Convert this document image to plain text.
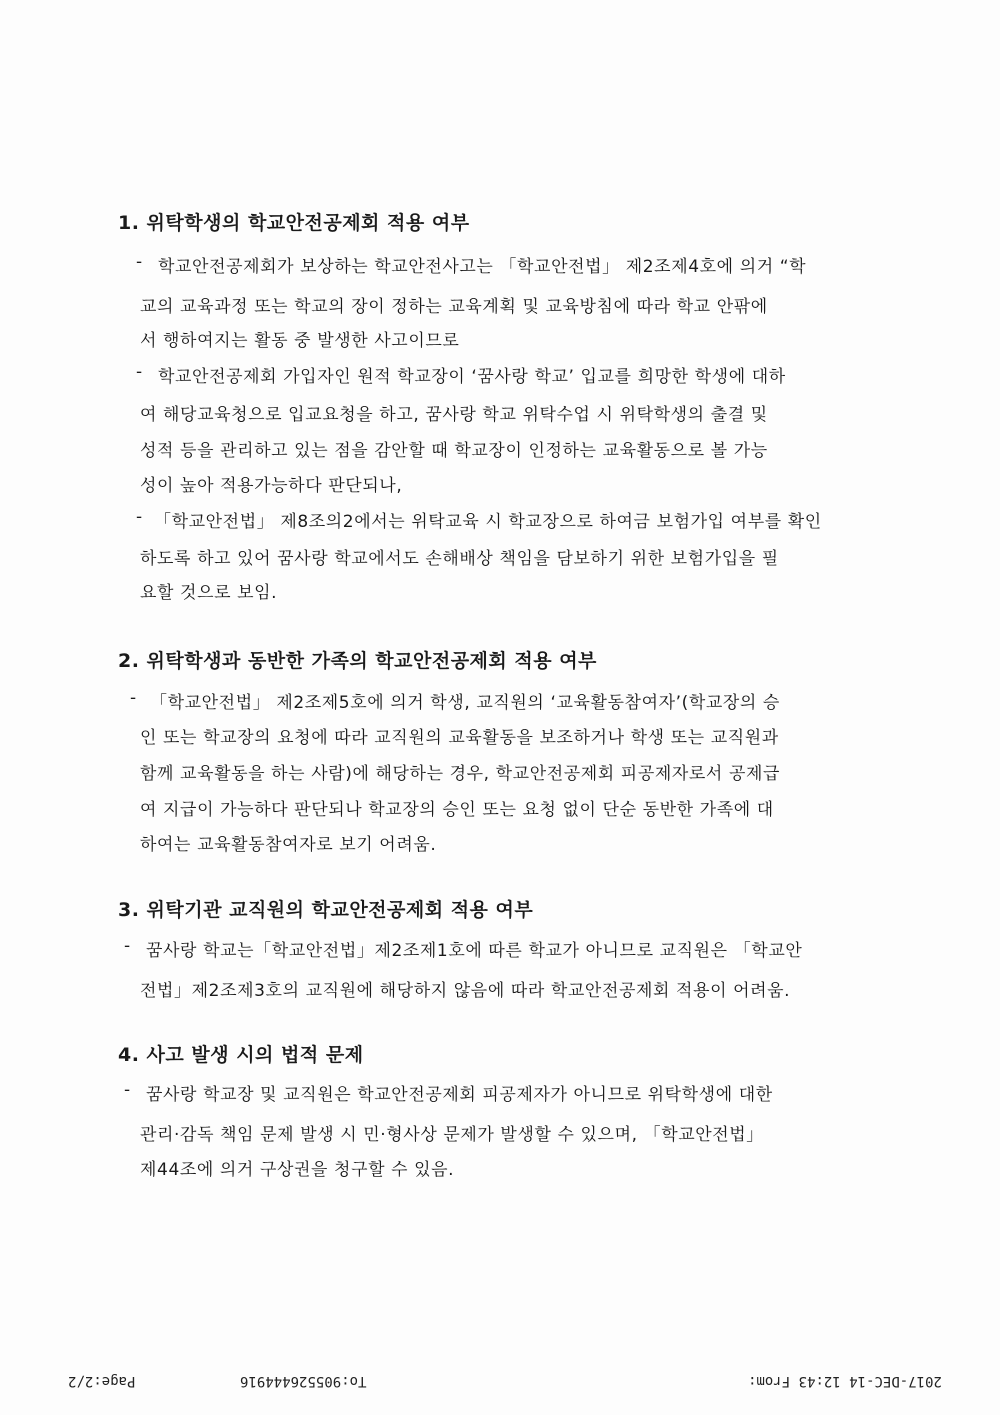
1. 위탁학생의 학교안전공제회 적용 여부
- 학교안전공제회가 보상하는 학교안전사고는 「학교안전법」 제2조제4호에 의거 “학
교의 교육과정 또는 학교의 장이 정하는 교육계획 및 교육방침에 따라 학교 안팎에
서 행하여지는 활동 중 발생한 사고이므로
- 학교안전공제회 가입자인 원적 학교장이 ‘꿈사랑 학교’ 입교를 희망한 학생에 대하
여 해당교육청으로 입교요청을 하고, 꿈사랑 학교 위탁수업 시 위탁학생의 출결 및
성적 등을 관리하고 있는 점을 감안할 때 학교장이 인정하는 교육활동으로 볼 가능
성이 높아 적용가능하다 판단되나,
- 「학교안전법」 제8조의2에서는 위탁교육 시 학교장으로 하여금 보험가입 여부를 확인
하도록 하고 있어 꿈사랑 학교에서도 손해배상 책임을 담보하기 위한 보험가입을 필
요할 것으로 보임.
2. 위탁학생과 동반한 가족의 학교안전공제회 적용 여부
- 「학교안전법」 제2조제5호에 의거 학생, 교직원의 ‘교육활동참여자’(학교장의 승
인 또는 학교장의 요청에 따라 교직원의 교육활동을 보조하거나 학생 또는 교직원과
함께 교육활동을 하는 사람)에 해당하는 경우, 학교안전공제회 피공제자로서 공제급
여 지급이 가능하다 판단되나 학교장의 승인 또는 요청 없이 단순 동반한 가족에 대
하여는 교육활동참여자로 보기 어려움.
3. 위탁기관 교직원의 학교안전공제회 적용 여부
- 꿈사랑 학교는「학교안전법」제2조제1호에 따른 학교가 아니므로 교직원은 「학교안
전법」제2조제3호의 교직원에 해당하지 않음에 따라 학교안전공제회 적용이 어려움.
4. 사고 발생 시의 법적 문제
- 꿈사랑 학교장 및 교직원은 학교안전공제회 피공제자가 아니므로 위탁학생에 대한
관리·감독 책임 문제 발생 시 민·형사상 문제가 발생할 수 있으며, 「학교안전법」
제44조에 의거 구상권을 청구할 수 있음.
Page:2/2	To:905526444916	2017-DEC-14 12:43 From:
